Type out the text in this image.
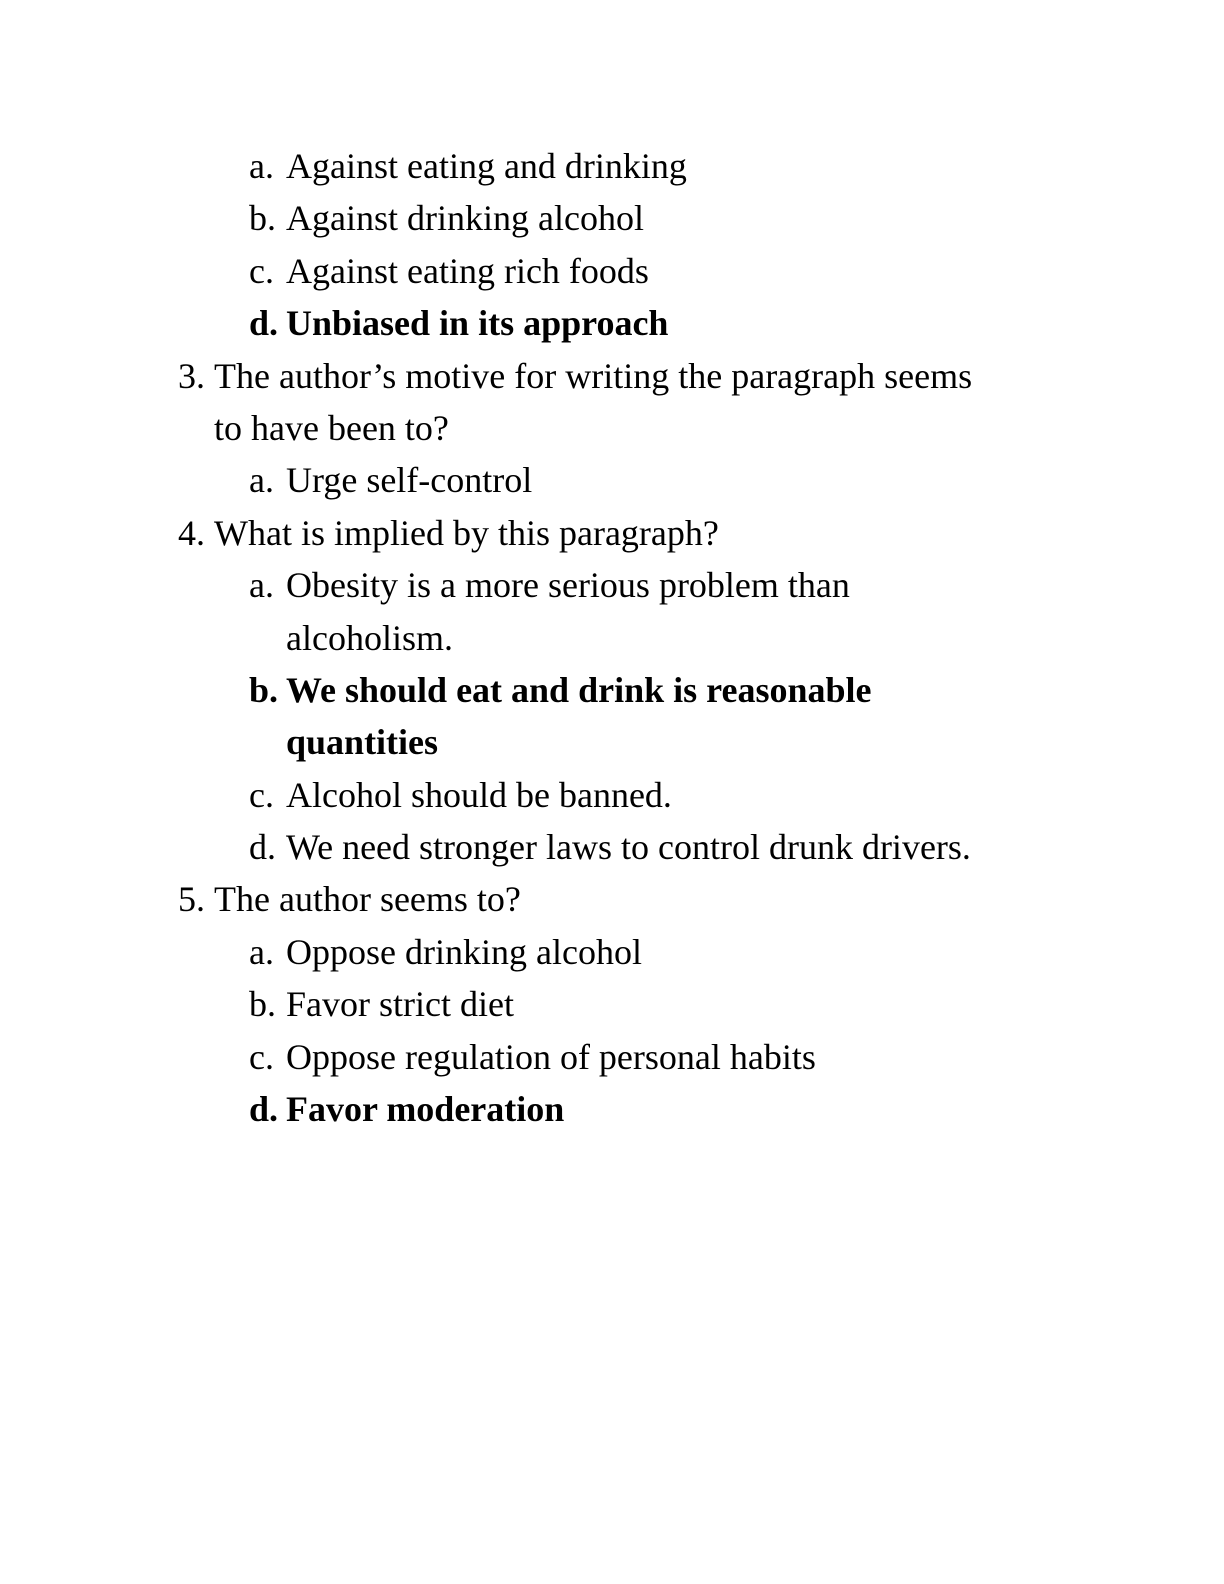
a. Against eating and drinking
b. Against drinking alcohol
c. Against eating rich foods
d. Unbiased in its approach
3. The author’s motive for writing the paragraph seems
to have been to?
a. Urge self-control
4. What is implied by this paragraph?
a. Obesity is a more serious problem than
alcoholism.
b. We should eat and drink is reasonable
quantities
c. Alcohol should be banned.
d. We need stronger laws to control drunk drivers.
5. The author seems to?
a. Oppose drinking alcohol
b. Favor strict diet
c. Oppose regulation of personal habits
d. Favor moderation
